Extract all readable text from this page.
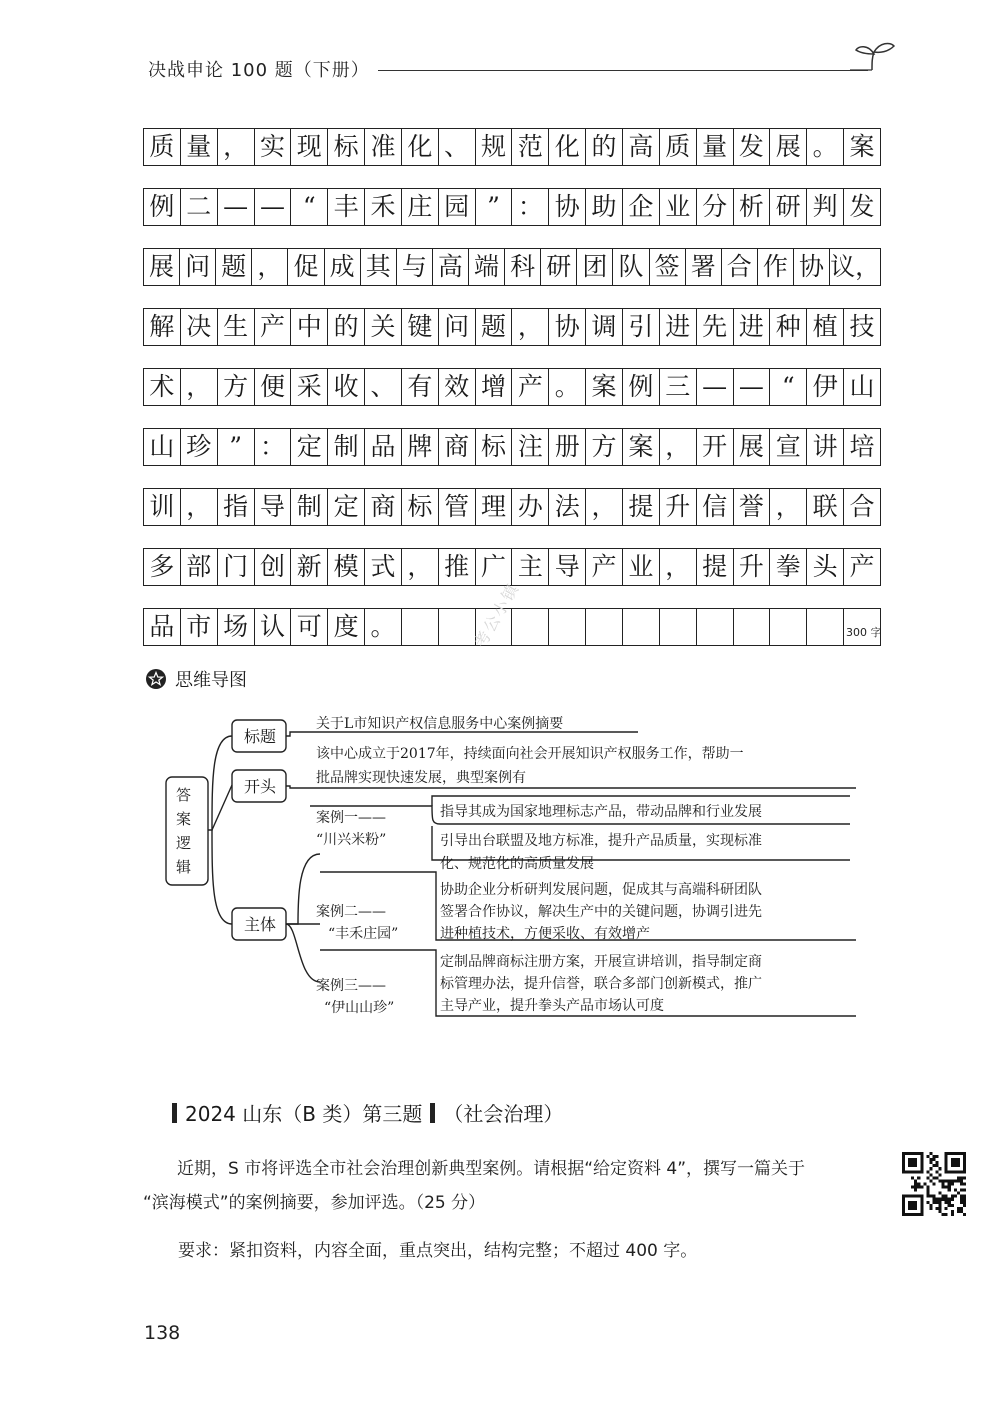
决战申论 100 题（下册）
质 量 ， 实 现 标 准 化 、 规 范 化 的 高 质 量 发 展 。 案
例 二 — — “ 丰 禾 庄 园 ” ： 协 助 企 业 分 析 研 判 发
展 问 题 ， 促 成 其 与 高 端 科 研 团 队 签 署 合 作 协 议，
解 决 生 产 中 的 关 键 问 题 ， 协 调 引 进 先 进 种 植 技
术 ， 方 便 采 收 、 有 效 增 产 。 案 例 三 — — “ 伊 山
山 珍 ” ： 定 制 品 牌 商 标 注 册 方 案 ， 开 展 宣 讲 培
训 ， 指 导 制 定 商 标 管 理 办 法 ， 提 升 信 誉 ， 联 合
多 部 门 创 新 模 式 ， 推 广 主 导 产 业 ， 提 升 拳 头 产
品 市 场 认 可 度 。	300 字
考公小镇
思维导图
答
案
逻
辑
标题
开头
主体
关于L市知识产权信息服务中心案例摘要
该中心成立于2017年，持续面向社会开展知识产权服务工作，帮助一
批品牌实现快速发展，典型案例有
案例一——
“川兴米粉”
指导其成为国家地理标志产品，带动品牌和行业发展
引导出台联盟及地方标准，提升产品质量，实现标准
化、规范化的高质量发展
案例二——
“丰禾庄园”
协助企业分析研判发展问题，促成其与高端科研团队
签署合作协议，解决生产中的关键问题，协调引进先
进种植技术，方便采收、有效增产
案例三——
“伊山山珍”
定制品牌商标注册方案，开展宣讲培训，指导制定商
标管理办法，提升信誉，联合多部门创新模式，推广
主导产业，提升拳头产品市场认可度
2024 山东（B 类）第三题 （社会治理）

近期，S 市将评选全市社会治理创新典型案例。请根据“给定资料 4”，撰写一篇关于

“滨海模式”的案例摘要，参加评选。（25 分）

要求：紧扣资料，内容全面，重点突出，结构完整；不超过 400 字。
138
